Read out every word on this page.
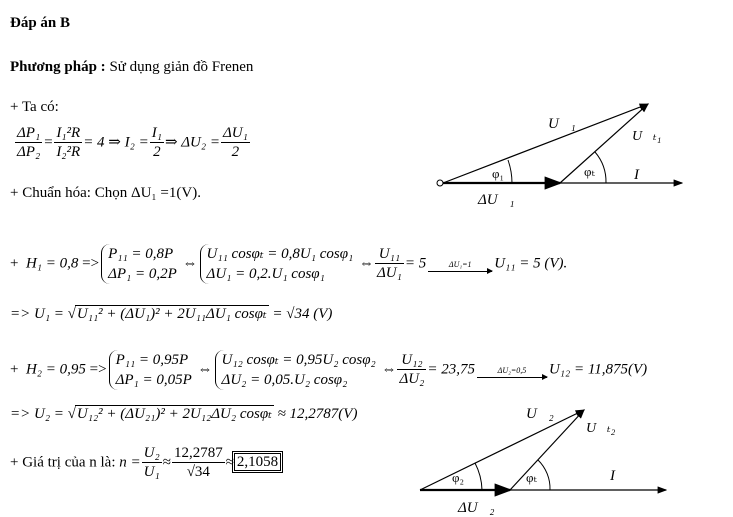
Đáp án B
Phương pháp : Sử dụng giản đồ Frenen
+ Ta có:
$\frac{\text{ΔP₁}}{\text{ΔP₂}} = \frac{\text{I₁²R}}{\text{I₂²R}} = 4$ ⇒ $I_2 = \frac{\text{I₁}}{2}$ ⇒ $\Delta U_2 = \frac{\text{ΔU₁}}{2}$
+ Chuẩn hóa: Chọn ΔU₁ =1(V).
+ H₁ = 0,8 =>
P₁₁ = 0,8P
ΔP₁ = 0,2P
⇔
U₁₁ cosφₜ = 0,8U₁ cosφ₁
ΔU₁ = 0,2.U₁ cosφ₁
⇔ $\frac{\text{U₁₁}}{\text{ΔU₁}} = 5$	ΔU₁=1	U₁₁ = 5 (V).
=> U₁ = √U₁₁² + (ΔU₁)² + 2U₁₁ΔU₁ cosφₜ = √34 (V)
+ H₂ = 0,95 =>
P₁₁ = 0,95P
ΔP₁ = 0,05P
⇔
U₁₂ cosφₜ = 0,95U₂ cosφ₂
ΔU₂ = 0,05.U₂ cosφ₂
⇔ $\frac{\text{U₁₂}}{\text{ΔU₂}} = 23,75$	ΔU₂=0,5	U₁₂ = 11,875(V)
=> U₂ = √U₁₂² + (ΔU₂₁)² + 2U₁₂ΔU₂ cosφₜ ≈ 12,2787(V)
+ Giá trị của n là: $n = \frac{\text{U₂}}{\text{U₁}} \approx \frac{12,2787}{√34} \approx 2,1058$
U⃗₁
U⃗ₜ₁
φ₁	φₜ	I⃗
ΔU⃗₁
U⃗₂
U⃗ₜ₂
φ₂	φₜ	I⃗
ΔU⃗₂
